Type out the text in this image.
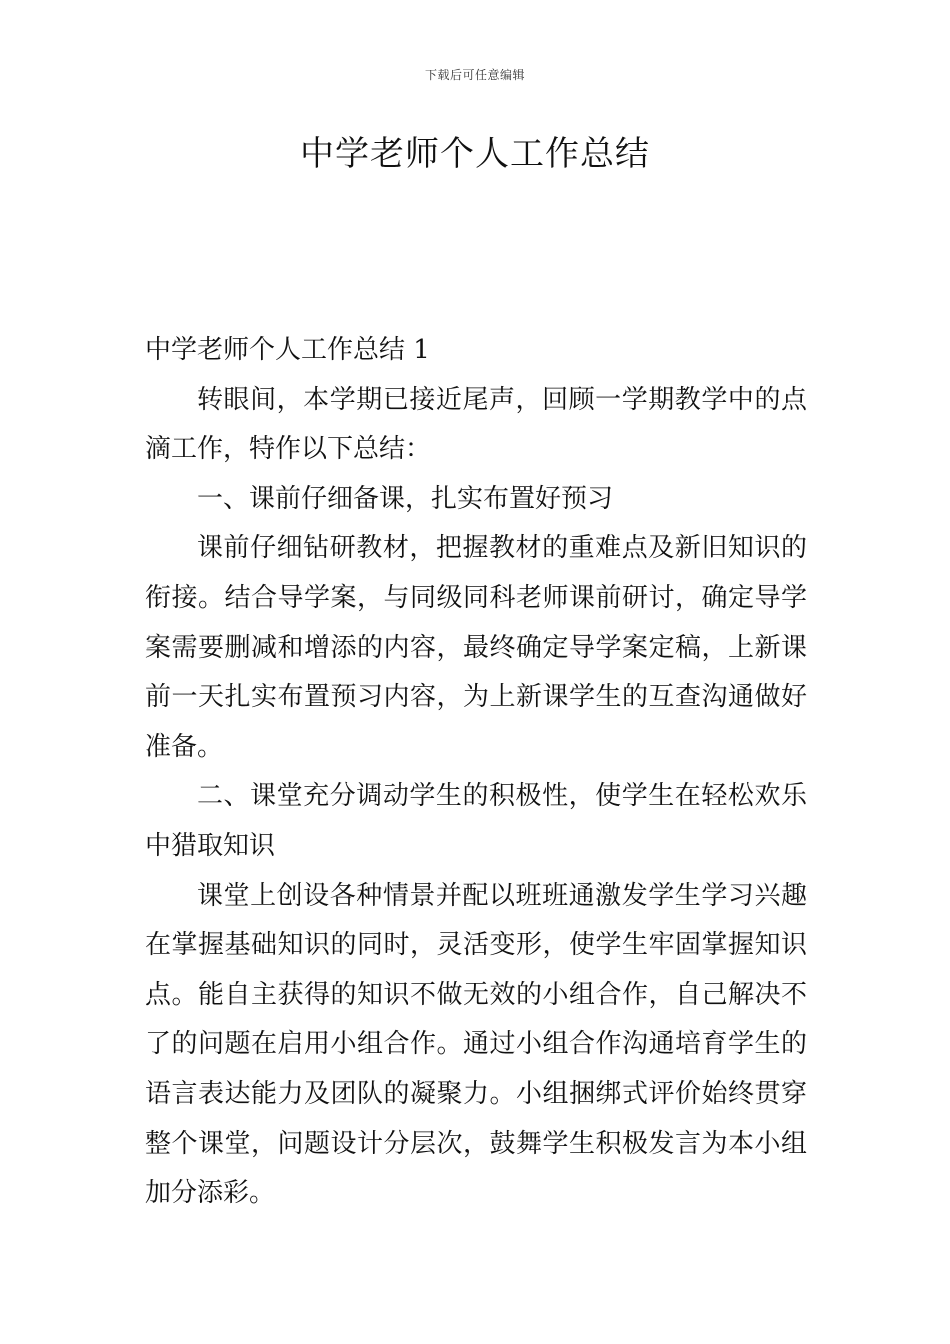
下载后可任意编辑
中学老师个人工作总结

中学老师个人工作总结 1

转眼间，本学期已接近尾声，回顾一学期教学中的点滴工作，特作以下总结：

一、课前仔细备课，扎实布置好预习

课前仔细钻研教材，把握教材的重难点及新旧知识的衔接。结合导学案，与同级同科老师课前研讨，确定导学案需要删减和增添的内容，最终确定导学案定稿，上新课前一天扎实布置预习内容，为上新课学生的互查沟通做好准备。

二、课堂充分调动学生的积极性，使学生在轻松欢乐中猎取知识

课堂上创设各种情景并配以班班通激发学生学习兴趣在掌握基础知识的同时，灵活变形，使学生牢固掌握知识点。能自主获得的知识不做无效的小组合作，自己解决不了的问题在启用小组合作。通过小组合作沟通培育学生的语言表达能力及团队的凝聚力。小组捆绑式评价始终贯穿整个课堂，问题设计分层次，鼓舞学生积极发言为本小组加分添彩。
